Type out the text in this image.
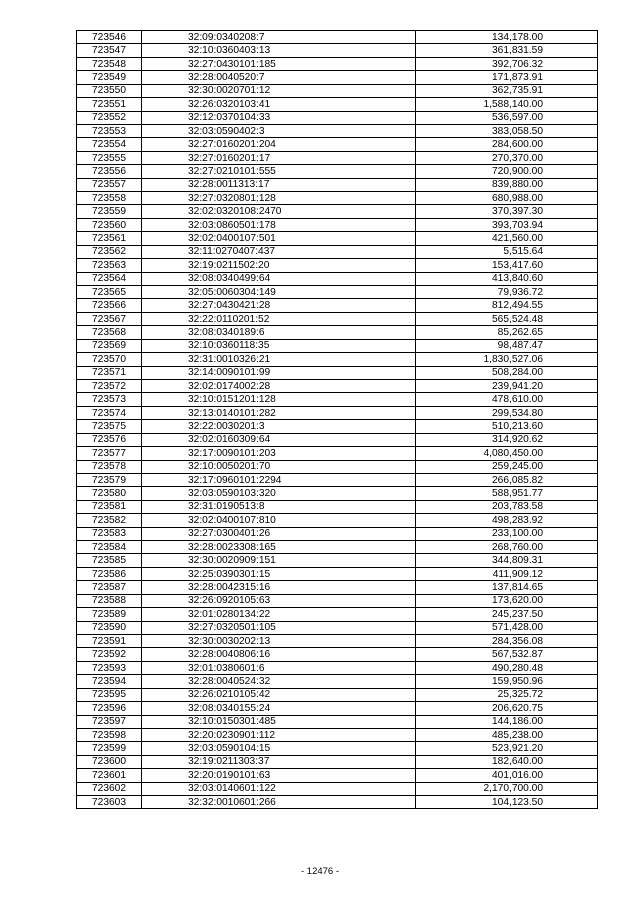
723546	32:09:0340208:7	134,178.00
723547	32:10:0360403:13	361,831.59
723548	32:27:0430101:185	392,706.32
723549	32:28:0040520:7	171,873.91
723550	32:30:0020701:12	362,735.91
723551	32:26:0320103:41	1,588,140.00
723552	32:12:0370104:33	536,597.00
723553	32:03:0590402:3	383,058.50
723554	32:27:0160201:204	284,600.00
723555	32:27:0160201:17	270,370.00
723556	32:27:0210101:555	720,900.00
723557	32:28:0011313:17	839,880.00
723558	32:27:0320801:128	680,988.00
723559	32:02:0320108:2470	370,397.30
723560	32:03:0860501:178	393,703.94
723561	32:02:0400107:501	421,560.00
723562	32:11:0270407:437	5,515.64
723563	32:19:0211502:20	153,417.60
723564	32:08:0340499:64	413,840.60
723565	32:05:0060304:149	79,936.72
723566	32:27:0430421:28	812,494.55
723567	32:22:0110201:52	565,524.48
723568	32:08:0340189:6	85,262.65
723569	32:10:0360118:35	98,487.47
723570	32:31:0010326:21	1,830,527.06
723571	32:14:0090101:99	508,284.00
723572	32:02:0174002:28	239,941.20
723573	32:10:0151201:128	478,610.00
723574	32:13:0140101:282	299,534.80
723575	32:22:0030201:3	510,213.60
723576	32:02:0160309:64	314,920.62
723577	32:17:0090101:203	4,080,450.00
723578	32:10:0050201:70	259,245.00
723579	32:17:0960101:2294	266,085.82
723580	32:03:0590103:320	588,951.77
723581	32:31:0190513:8	203,783.58
723582	32:02:0400107:810	498,283.92
723583	32:27:0300401:26	233,100.00
723584	32:28:0023308:165	268,760.00
723585	32:30:0020909:151	344,809.31
723586	32:25:0390301:15	411,909.12
723587	32:28:0042315:16	137,814.65
723588	32:26:0920105:63	173,620.00
723589	32:01:0280134:22	245,237.50
723590	32:27:0320501:105	571,428.00
723591	32:30:0030202:13	284,356.08
723592	32:28:0040806:16	567,532.87
723593	32:01:0380601:6	490,280.48
723594	32:28:0040524:32	159,950.96
723595	32:26:0210105:42	25,325.72
723596	32:08:0340155:24	206,620.75
723597	32:10:0150301:485	144,186.00
723598	32:20:0230901:112	485,238.00
723599	32:03:0590104:15	523,921.20
723600	32:19:0211303:37	182,640.00
723601	32:20:0190101:63	401,016.00
723602	32:03:0140601:122	2,170,700.00
723603	32:32:0010601:266	104,123.50
- 12476 -
